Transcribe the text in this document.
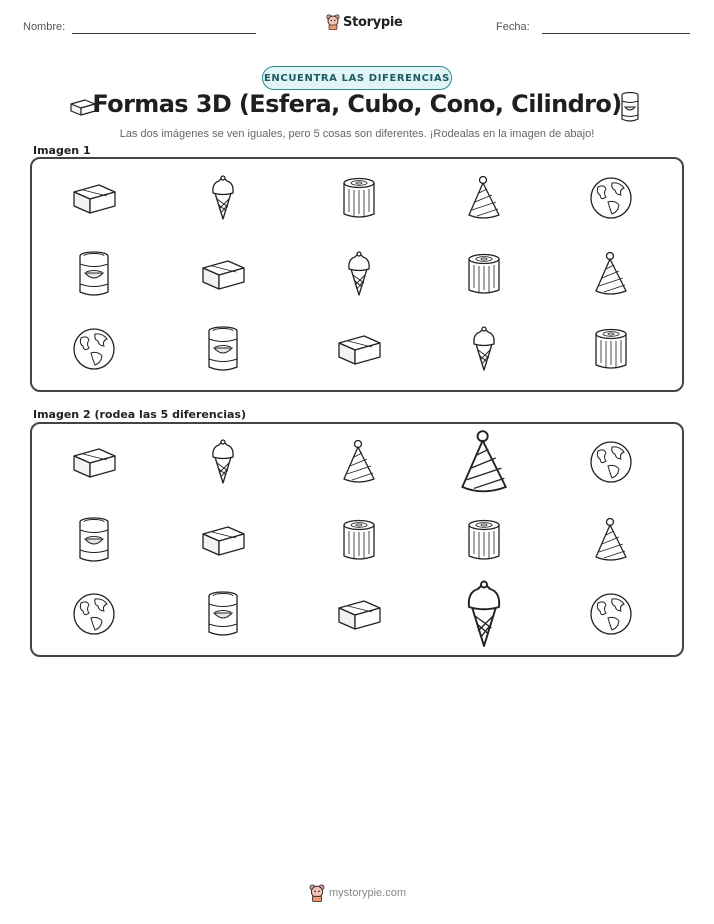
Nombre:	Storypie	Fecha:
ENCUENTRA LAS DIFERENCIAS
Formas 3D (Esfera, Cubo, Cono, Cilindro)
Las dos imágenes se ven iguales, pero 5 cosas son diferentes. ¡Rodealas en la imagen de abajo!
Imagen 1
Imagen 2 (rodea las 5 diferencias)
mystorypie.com
